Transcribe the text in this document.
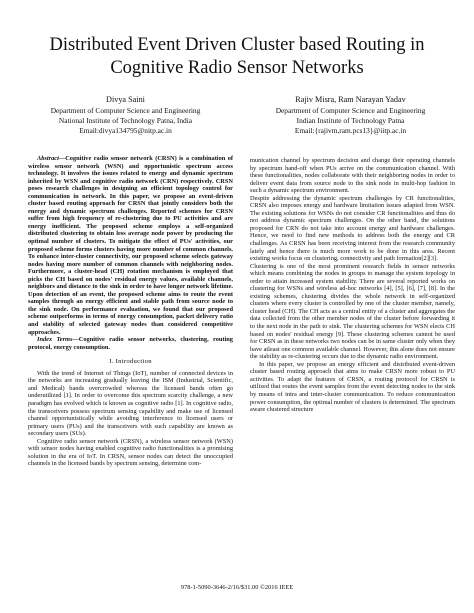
Distributed Event Driven Cluster based Routing in Cognitive Radio Sensor Networks
Divya Saini
Department of Computer Science and Engineering
National Institute of Technology Patna, India
Email:divya134795@nitp.ac.in
Rajiv Misra, Ram Narayan Yadav
Department of Computer Science and Engineering
Indian Institute of Technology Patna
Email:{rajivm,ram.pcs13}@iitp.ac.in

Abstract—Cognitive radio sensor network (CRSN) is a combination of wireless sensor network (WSN) and opportunistic spectrum access technology. It involves the issues related to energy and dynamic spectrum inherited by WSN and cognitive radio network (CRN) respectively. CRSN poses research challenges in designing an efficient topology control for communication in network. In this paper, we propose an event-driven cluster based routing approach for CRSN that jointly considers both the energy and dynamic spectrum challenges. Reported schemes for CRSN suffer from high frequency of re-clustering due to PU activities and are energy inefficient. The proposed scheme employs a self-organized distributed clustering to obtain less average node power by producing the optimal number of clusters. To mitigate the effect of PUs' activities, our proposed scheme forms clusters having more number of common channels. To enhance inter-cluster connectivity, our proposed scheme selects gateway nodes having more number of common channels with neighboring nodes. Furthermore, a cluster-head (CH) rotation mechanism is employed that picks the CH based on nodes' residual energy values, available channels, neighbors and distance to the sink in order to have longer network lifetime. Upon detection of an event, the proposed scheme aims to route the event samples through an energy efficient and stable path from source node to the sink node. On performance evaluation, we found that our proposed scheme outperforms in terms of energy consumption, packet delivery ratio and stability of selected gateway nodes than considered competitive approaches.

Index Terms—Cognitive radio sensor networks, clustering, routing protocol, energy consumption.

I. Introduction

With the trend of Internet of Things (IoT), number of connected devices in the networks are increasing gradually leaving the ISM (Industrial, Scientific, and Medical) bands overcrowded whereas the licensed bands often go underutilized [1]. In order to overcome this spectrum scarcity challenge, a new paradigm has evolved which is known as cognitive radio [1]. In cognitive radio, the transceivers possess spectrum sensing capability and make use of licensed channel opportunistically while avoiding interference to licensed users or primary users (PUs) and the transceivers with such capability are known as secondary users (SUs).

Cognitive radio sensor network (CRSN), a wireless sensor network (WSN) with sensor nodes having enabled cognitive radio functionalities is a promising solution in the era of IoT. In CRSN, sensor nodes can detect the unoccupied channels in the licensed bands by spectrum sensing, determine com-

munication channel by spectrum decision and change their operating channels by spectrum hand-off when PUs arrive on the communication channel. With these functionalities, nodes collaborate with their neighboring nodes in order to deliver event data from source node to the sink node in multi-hop fashion in such a dynamic spectrum environment.

Despite addressing the dynamic spectrum challenges by CR functionalities, CRSN also imposes energy and hardware limitation issues adapted from WSN. The existing solutions for WSNs do not consider CR functionalities and thus do not address dynamic spectrum challenges. On the other hand, the solutions proposed for CRN do not take into account energy and hardware challenges. Hence, we need to find new methods to address both the energy and CR challenges. As CRSN has been receiving interest from the research community lately and hence there is much more work to be done in this area. Recent existing works focus on clustering, connectivity and path formation[2][3].

Clustering is one of the most prominent research fields in sensor networks which means combining the nodes in groups to manage the system topology in order to attain increased system stability. There are several reported works on clustering for WSNs and wireless ad-hoc networks [4], [5], [6], [7], [8]. In the existing schemes, clustering divides the whole network in self-organized clusters where every cluster is controlled by one of the cluster member, namely, cluster head (CH). The CH acts as a central entity of a cluster and aggregates the data collected from the other member nodes of the cluster before forwarding it to the next node in the path to sink. The clustering schemes for WSN elects CH based on nodes' residual energy [9]. These clustering schemes cannot be used for CRSN as in these networks two nodes can be in same cluster only when they have atleast one common available channel. However, this alone does not ensure the stability as re-clustering occurs due to the dynamic radio environment.

In this paper, we propose an energy efficient and distributed event-driven cluster based routing approach that aims to make CRSN more robust to PU activities. To adapt the features of CRSN, a routing protocol for CRSN is utilized that routes the event samples from the event detecting nodes to the sink by means of intra and inter-cluster communication. To reduce communication power consumption, the optimal number of clusters is determined. The spectrum aware clustered structure

978-1-5090-3646-2/16/$31.00 ©2016 IEEE
